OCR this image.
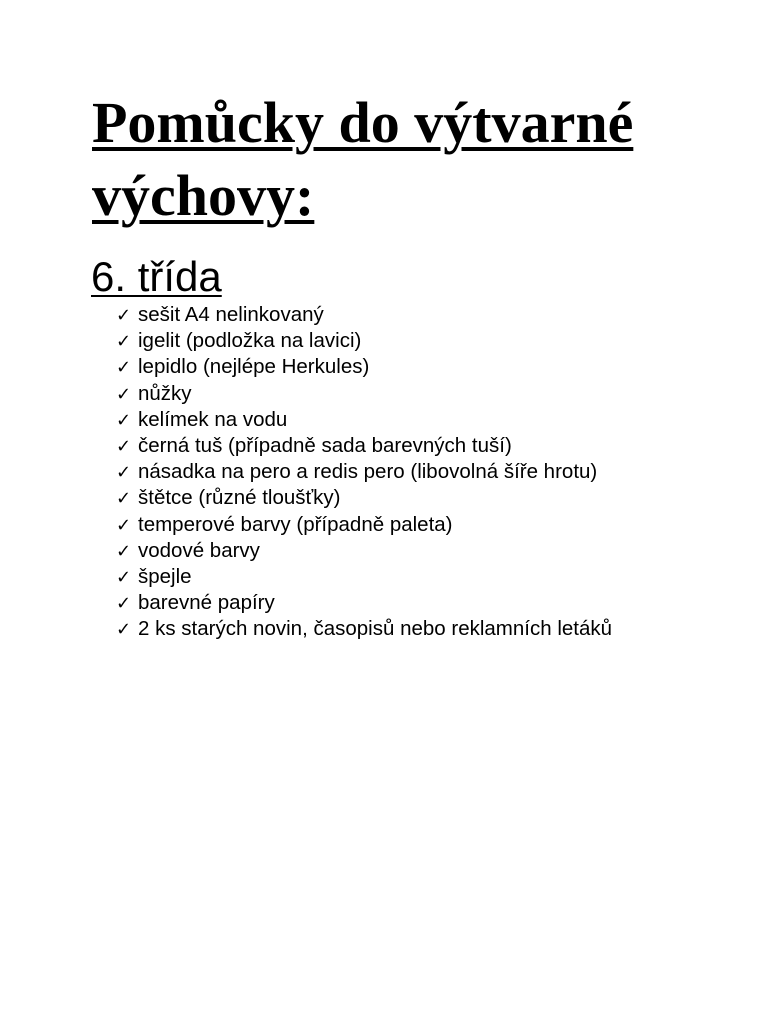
Pomůcky do výtvarné výchovy:
6. třída
✓ sešit A4 nelinkovaný
✓ igelit (podložka na lavici)
✓ lepidlo (nejlépe Herkules)
✓ nůžky
✓ kelímek na vodu
✓ černá tuš (případně sada barevných tuší)
✓ násadka na pero a redis pero (libovolná šíře hrotu)
✓ štětce (různé tloušťky)
✓ temperové barvy (případně paleta)
✓ vodové barvy
✓ špejle
✓ barevné papíry
✓ 2 ks starých novin, časopisů nebo reklamních letáků
